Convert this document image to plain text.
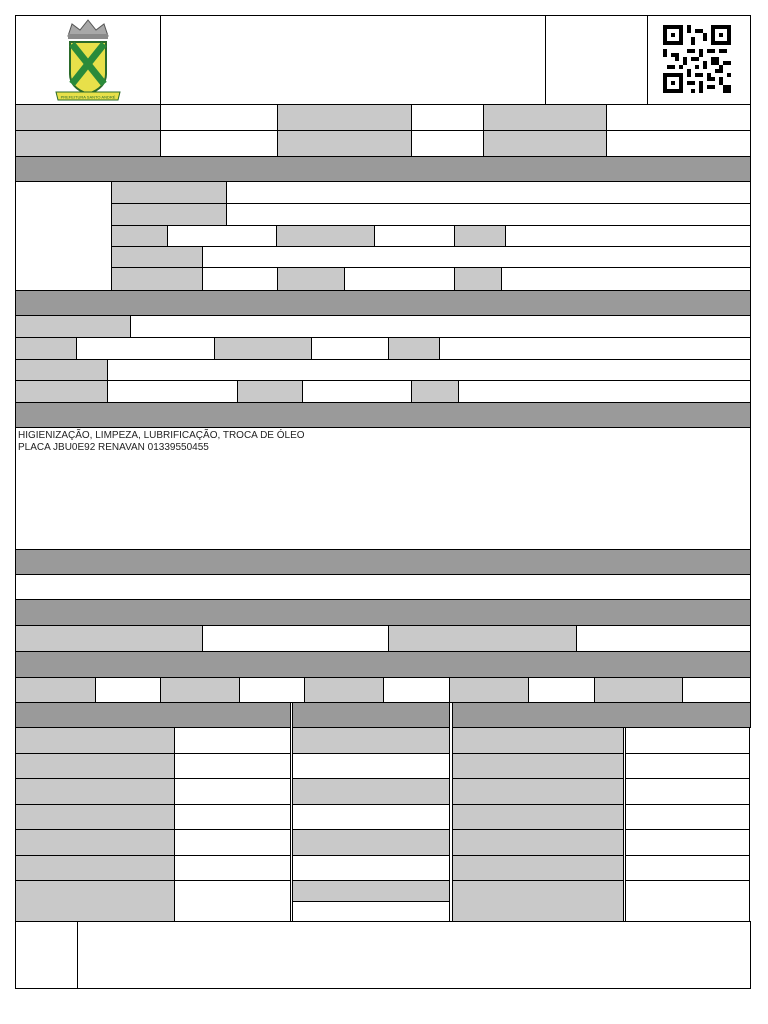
PREFEITURA SANTO ANDRÉ
HIGIENIZAÇÃO, LIMPEZA, LUBRIFICAÇÃO, TROCA DE ÓLEO
PLACA JBU0E92 RENAVAN 01339550455
